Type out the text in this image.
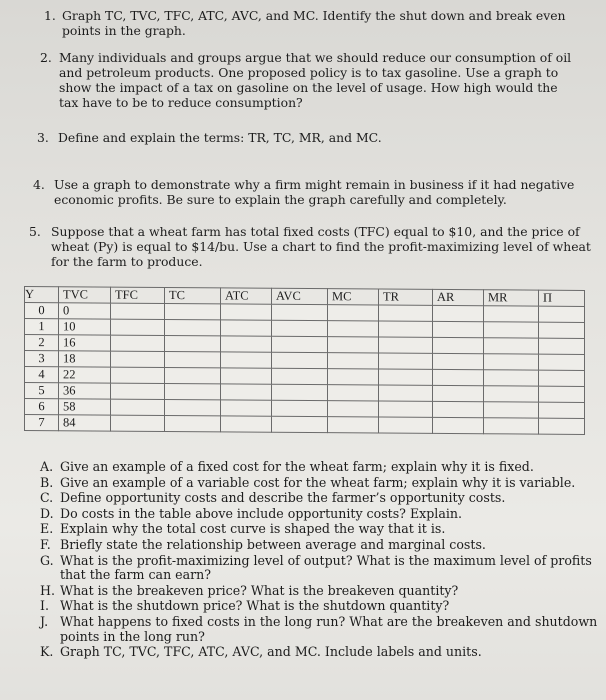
1. Graph TC, TVC, TFC, ATC, AVC, and MC. Identify the shut down and break even points in the graph.
2. Many individuals and groups argue that we should reduce our consumption of oil and petroleum products. One proposed policy is to tax gasoline. Use a graph to show the impact of a tax on gasoline on the level of usage. How high would the tax have to be to reduce consumption?
3. Define and explain the terms: TR, TC, MR, and MC.
4. Use a graph to demonstrate why a firm might remain in business if it had negative economic profits. Be sure to explain the graph carefully and completely.
5. Suppose that a wheat farm has total fixed costs (TFC) equal to $10, and the price of wheat (Py) is equal to $14/bu. Use a chart to find the profit-maximizing level of wheat for the farm to produce.
Y	TVC	TFC	TC	ATC	AVC	MC	TR	AR	MR	Π
0	0									
1	10									
2	16									
3	18									
4	22									
5	36									
6	58									
7	84									
A. Give an example of a fixed cost for the wheat farm; explain why it is fixed.
B. Give an example of a variable cost for the wheat farm; explain why it is variable.
C. Define opportunity costs and describe the farmer’s opportunity costs.
D. Do costs in the table above include opportunity costs? Explain.
E. Explain why the total cost curve is shaped the way that it is.
F. Briefly state the relationship between average and marginal costs.
G. What is the profit-maximizing level of output? What is the maximum level of profits that the farm can earn?
H. What is the breakeven price? What is the breakeven quantity?
I. What is the shutdown price? What is the shutdown quantity?
J. What happens to fixed costs in the long run? What are the breakeven and shutdown points in the long run?
K. Graph TC, TVC, TFC, ATC, AVC, and MC. Include labels and units.
